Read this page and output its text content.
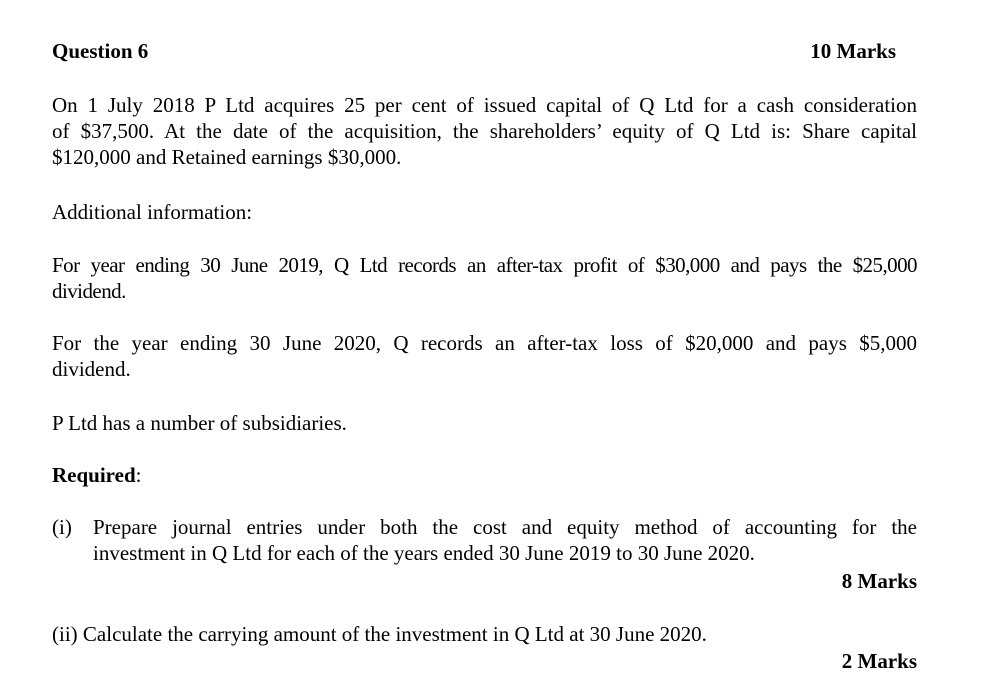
Question 6	10 Marks

On 1 July 2018 P Ltd acquires 25 per cent of issued capital of Q Ltd for a cash consideration

of $37,500. At the date of the acquisition, the shareholders’ equity of Q Ltd is: Share capital

$120,000 and Retained earnings $30,000.

Additional information:

For year ending 30 June 2019, Q Ltd records an after-tax profit of $30,000 and pays the $25,000

dividend.

For the year ending 30 June 2020, Q records an after-tax loss of $20,000 and pays $5,000

dividend.

P Ltd has a number of subsidiaries.
Required:
(i) Prepare journal entries under both the cost and equity method of accounting for the

investment in Q Ltd for each of the years ended 30 June 2019 to 30 June 2020.

8 Marks
(ii) Calculate the carrying amount of the investment in Q Ltd at 30 June 2020.
2 Marks
